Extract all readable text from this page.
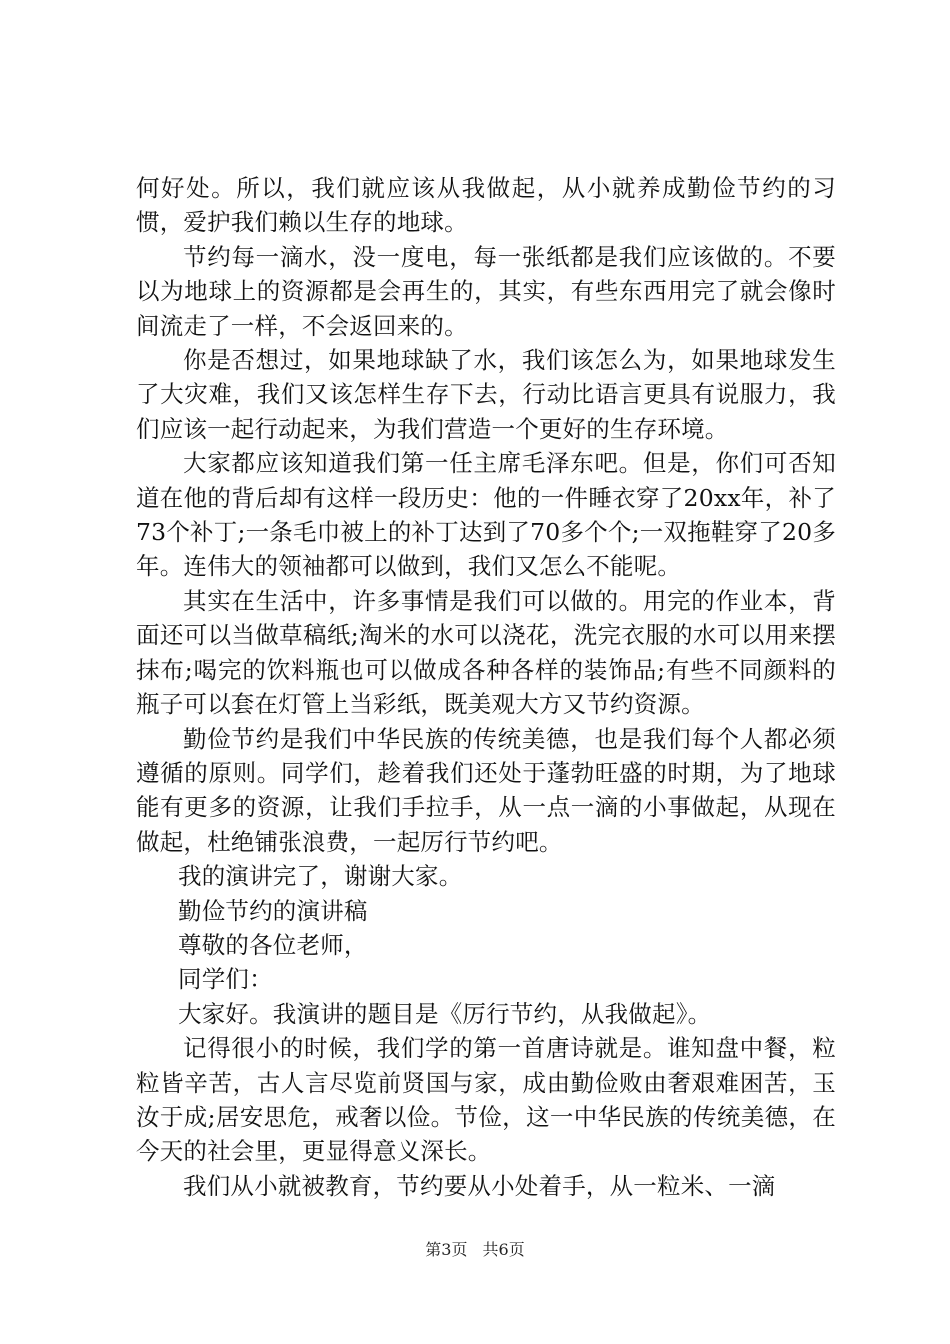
何好处。所以，我们就应该从我做起，从小就养成勤俭节约的习惯，爱护我们赖以生存的地球。

节约每一滴水，没一度电，每一张纸都是我们应该做的。不要以为地球上的资源都是会再生的，其实，有些东西用完了就会像时间流走了一样，不会返回来的。

你是否想过，如果地球缺了水，我们该怎么为，如果地球发生了大灾难，我们又该怎样生存下去，行动比语言更具有说服力，我们应该一起行动起来，为我们营造一个更好的生存环境。

大家都应该知道我们第一任主席毛泽东吧。但是，你们可否知道在他的背后却有这样一段历史：他的一件睡衣穿了20xx年，补了73个补丁;一条毛巾被上的补丁达到了70多个个;一双拖鞋穿了20多年。连伟大的领袖都可以做到，我们又怎么不能呢。

其实在生活中，许多事情是我们可以做的。用完的作业本，背面还可以当做草稿纸;淘米的水可以浇花，洗完衣服的水可以用来摆抹布;喝完的饮料瓶也可以做成各种各样的装饰品;有些不同颜料的瓶子可以套在灯管上当彩纸，既美观大方又节约资源。

勤俭节约是我们中华民族的传统美德，也是我们每个人都必须遵循的原则。同学们，趁着我们还处于蓬勃旺盛的时期，为了地球能有更多的资源，让我们手拉手，从一点一滴的小事做起，从现在做起，杜绝铺张浪费，一起厉行节约吧。

我的演讲完了，谢谢大家。

勤俭节约的演讲稿

尊敬的各位老师，

同学们：

大家好。我演讲的题目是《厉行节约，从我做起》。

记得很小的时候，我们学的第一首唐诗就是。谁知盘中餐，粒粒皆辛苦，古人言尽览前贤国与家，成由勤俭败由奢艰难困苦，玉汝于成;居安思危，戒奢以俭。节俭，这一中华民族的传统美德，在今天的社会里，更显得意义深长。

我们从小就被教育，节约要从小处着手，从一粒米、一滴

第3页 共6页
